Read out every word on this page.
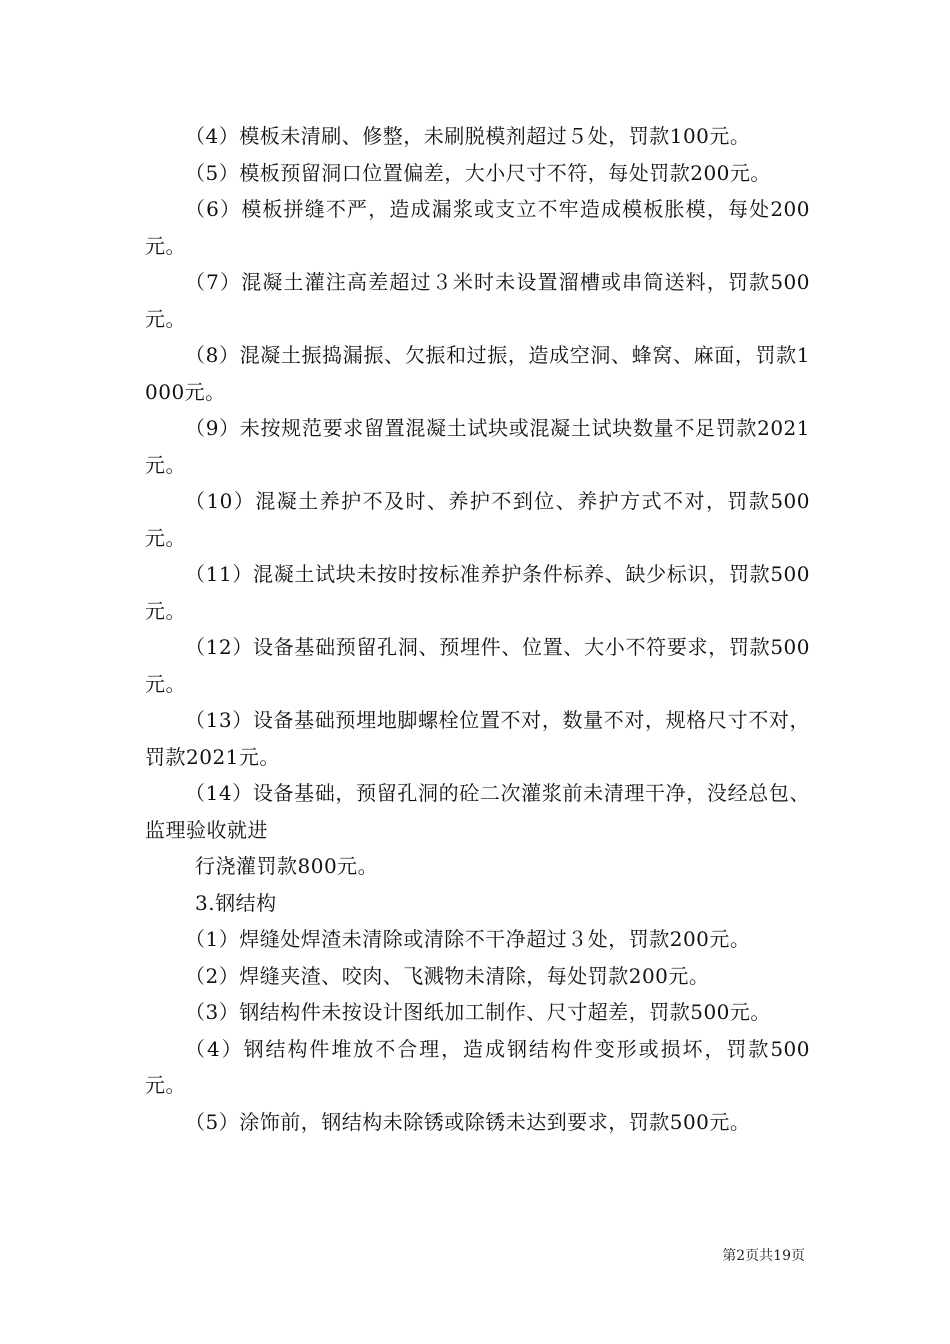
（4）模板未清刷、修整，未刷脱模剂超过５处，罚款100元。

（5）模板预留洞口位置偏差，大小尺寸不符，每处罚款200元。

（6）模板拼缝不严，造成漏浆或支立不牢造成模板胀模，每处200元。

（7）混凝土灌注高差超过３米时未设置溜槽或串筒送料，罚款500元。

（8）混凝土振捣漏振、欠振和过振，造成空洞、蜂窝、麻面，罚款1000元。

（9）未按规范要求留置混凝土试块或混凝土试块数量不足罚款2021元。

（10）混凝土养护不及时、养护不到位、养护方式不对，罚款500元。

（11）混凝土试块未按时按标准养护条件标养、缺少标识，罚款500元。

（12）设备基础预留孔洞、预埋件、位置、大小不符要求，罚款500元。

（13）设备基础预埋地脚螺栓位置不对，数量不对，规格尺寸不对，罚款2021元。

（14）设备基础，预留孔洞的砼二次灌浆前未清理干净，没经总包、监理验收就进

行浇灌罚款800元。

3.钢结构

（1）焊缝处焊渣未清除或清除不干净超过３处，罚款200元。

（2）焊缝夹渣、咬肉、飞溅物未清除，每处罚款200元。

（3）钢结构件未按设计图纸加工制作、尺寸超差，罚款500元。

（4）钢结构件堆放不合理，造成钢结构件变形或损坏，罚款500元。

（5）涂饰前，钢结构未除锈或除锈未达到要求，罚款500元。

第2页共19页
